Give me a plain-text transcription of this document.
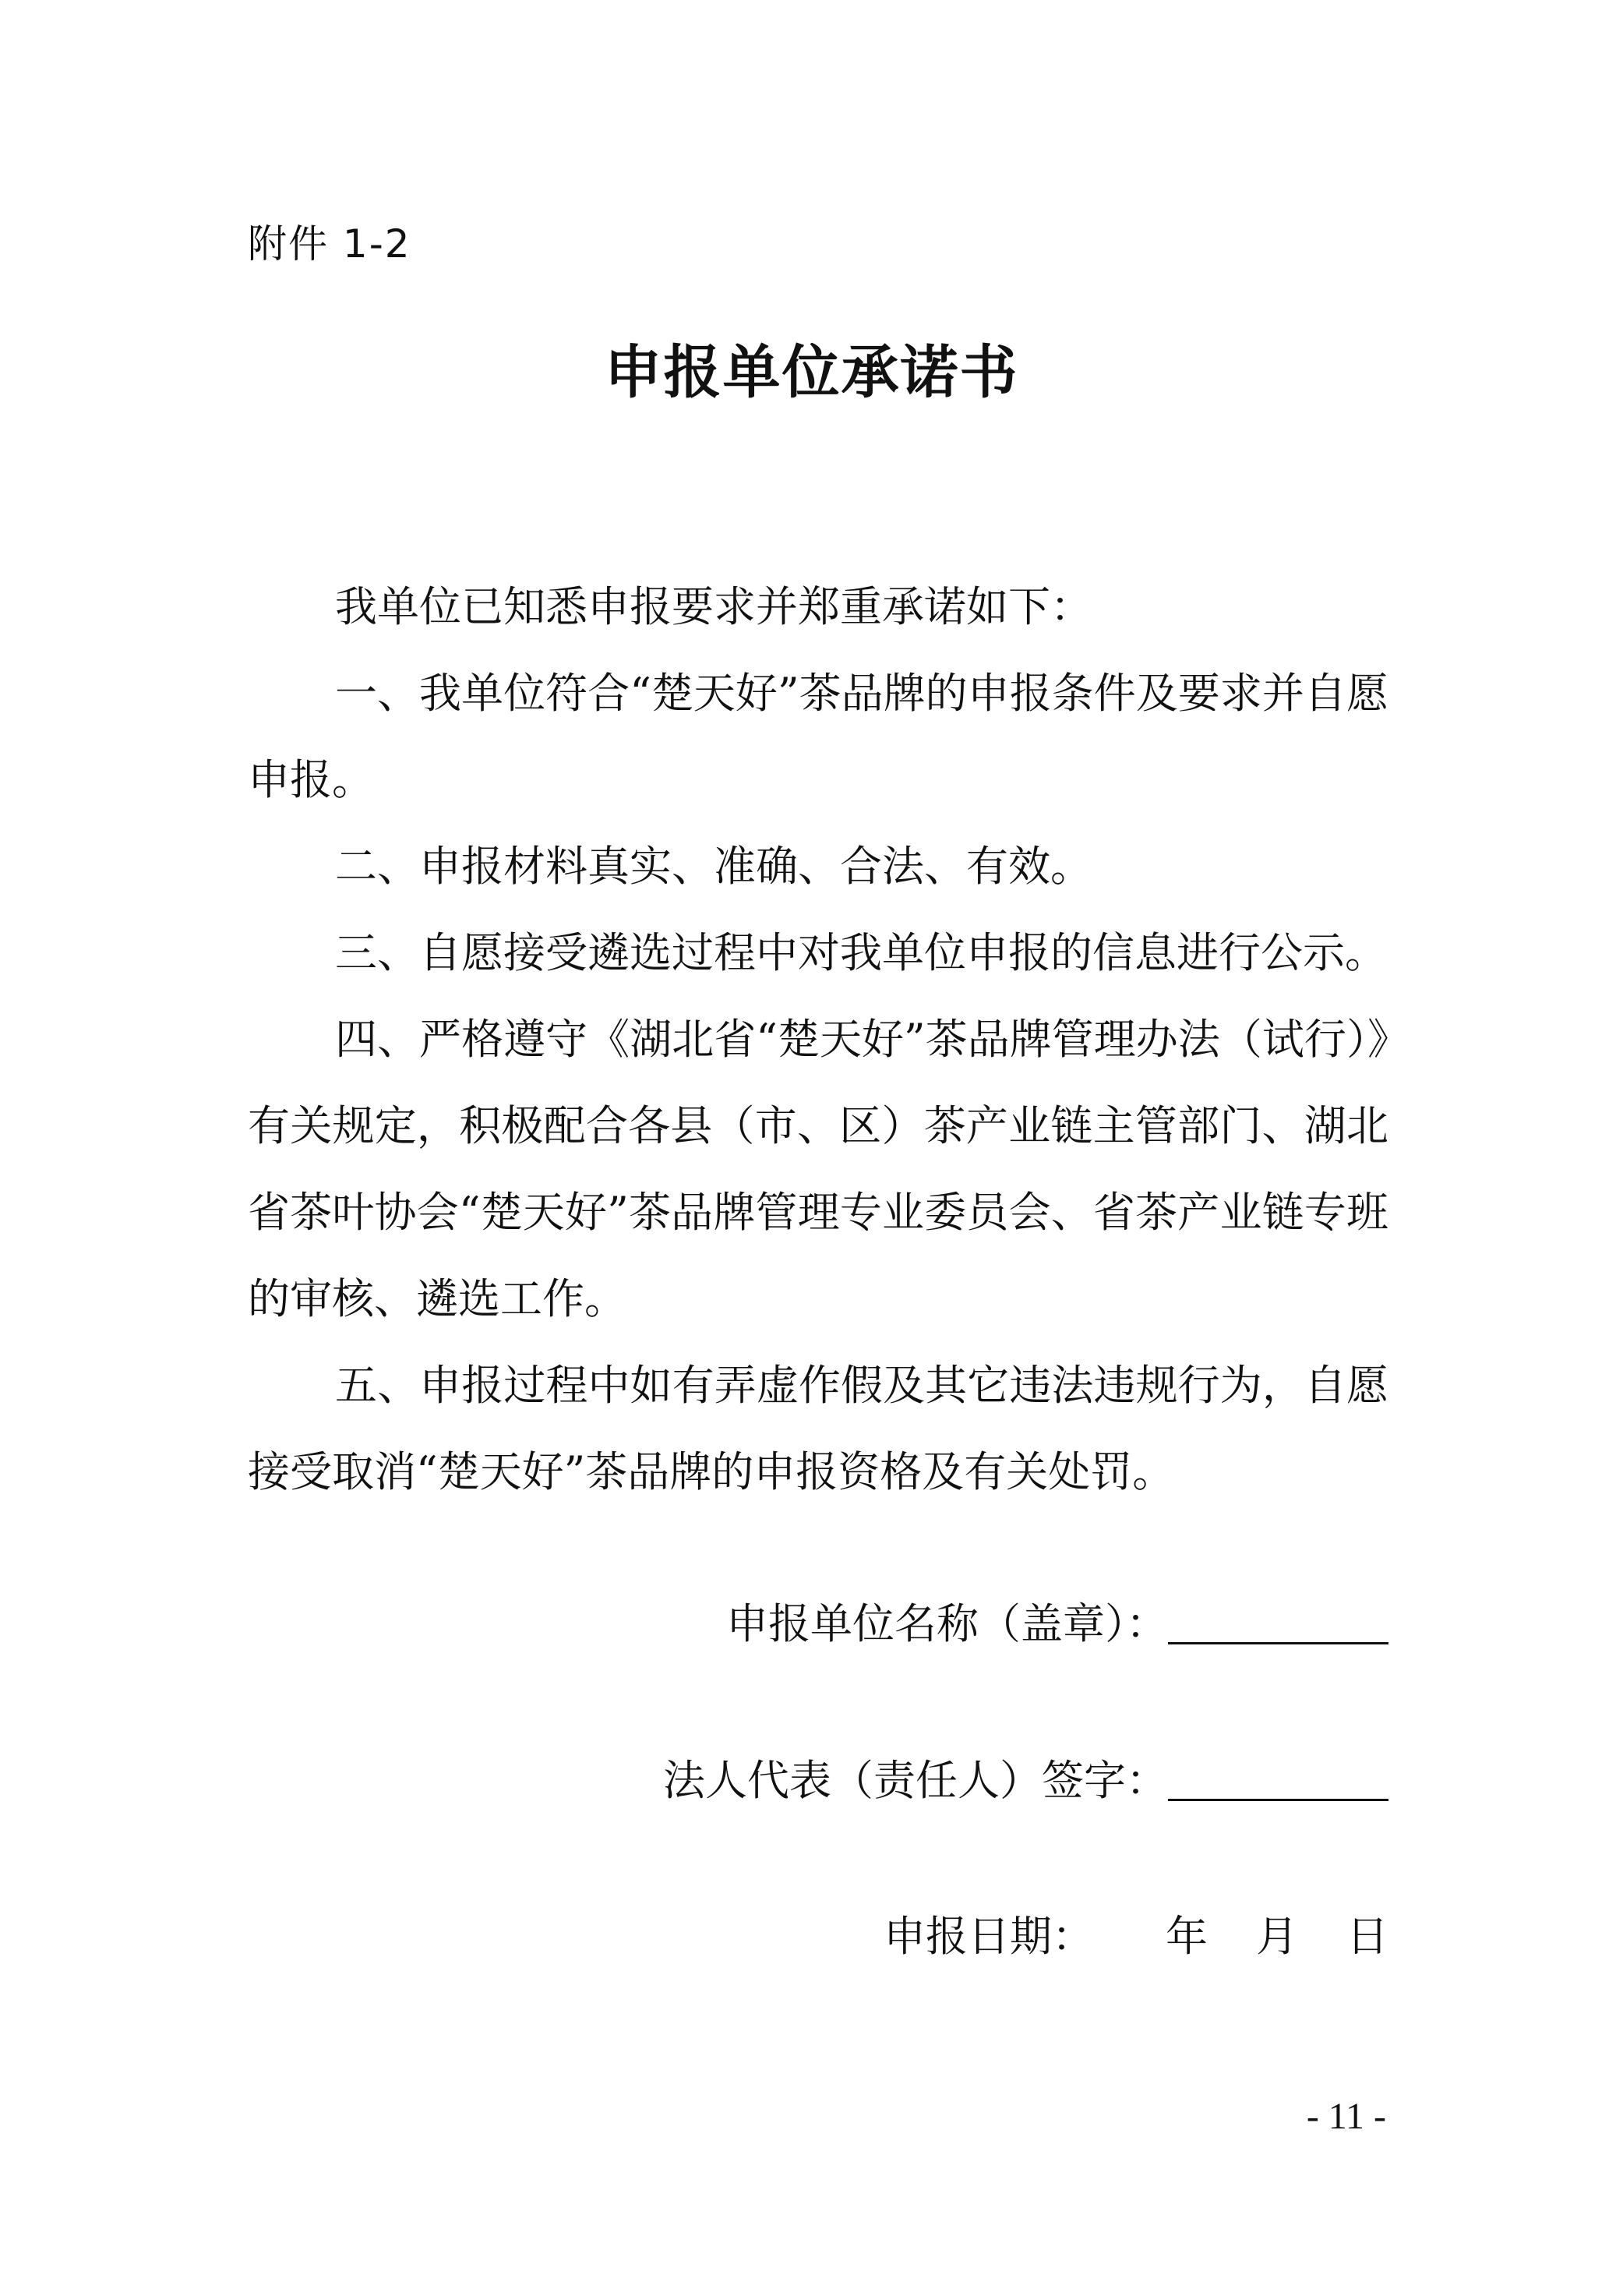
附件 1-2
申报单位承诺书

我单位已知悉申报要求并郑重承诺如下：

一、我单位符合“楚天好”茶品牌的申报条件及要求并自愿申报。

二、申报材料真实、准确、合法、有效。

三、自愿接受遴选过程中对我单位申报的信息进行公示。

四、严格遵守《湖北省“楚天好”茶品牌管理办法（试行）》有关规定，积极配合各县（市、区）茶产业链主管部门、湖北省茶叶协会“楚天好”茶品牌管理专业委员会、省茶产业链专班的审核、遴选工作。

五、申报过程中如有弄虚作假及其它违法违规行为，自愿接受取消“楚天好”茶品牌的申报资格及有关处罚。

申报单位名称（盖章）：
法人代表（责任人）签字：
申报日期： 年 月 日
- 11 -
